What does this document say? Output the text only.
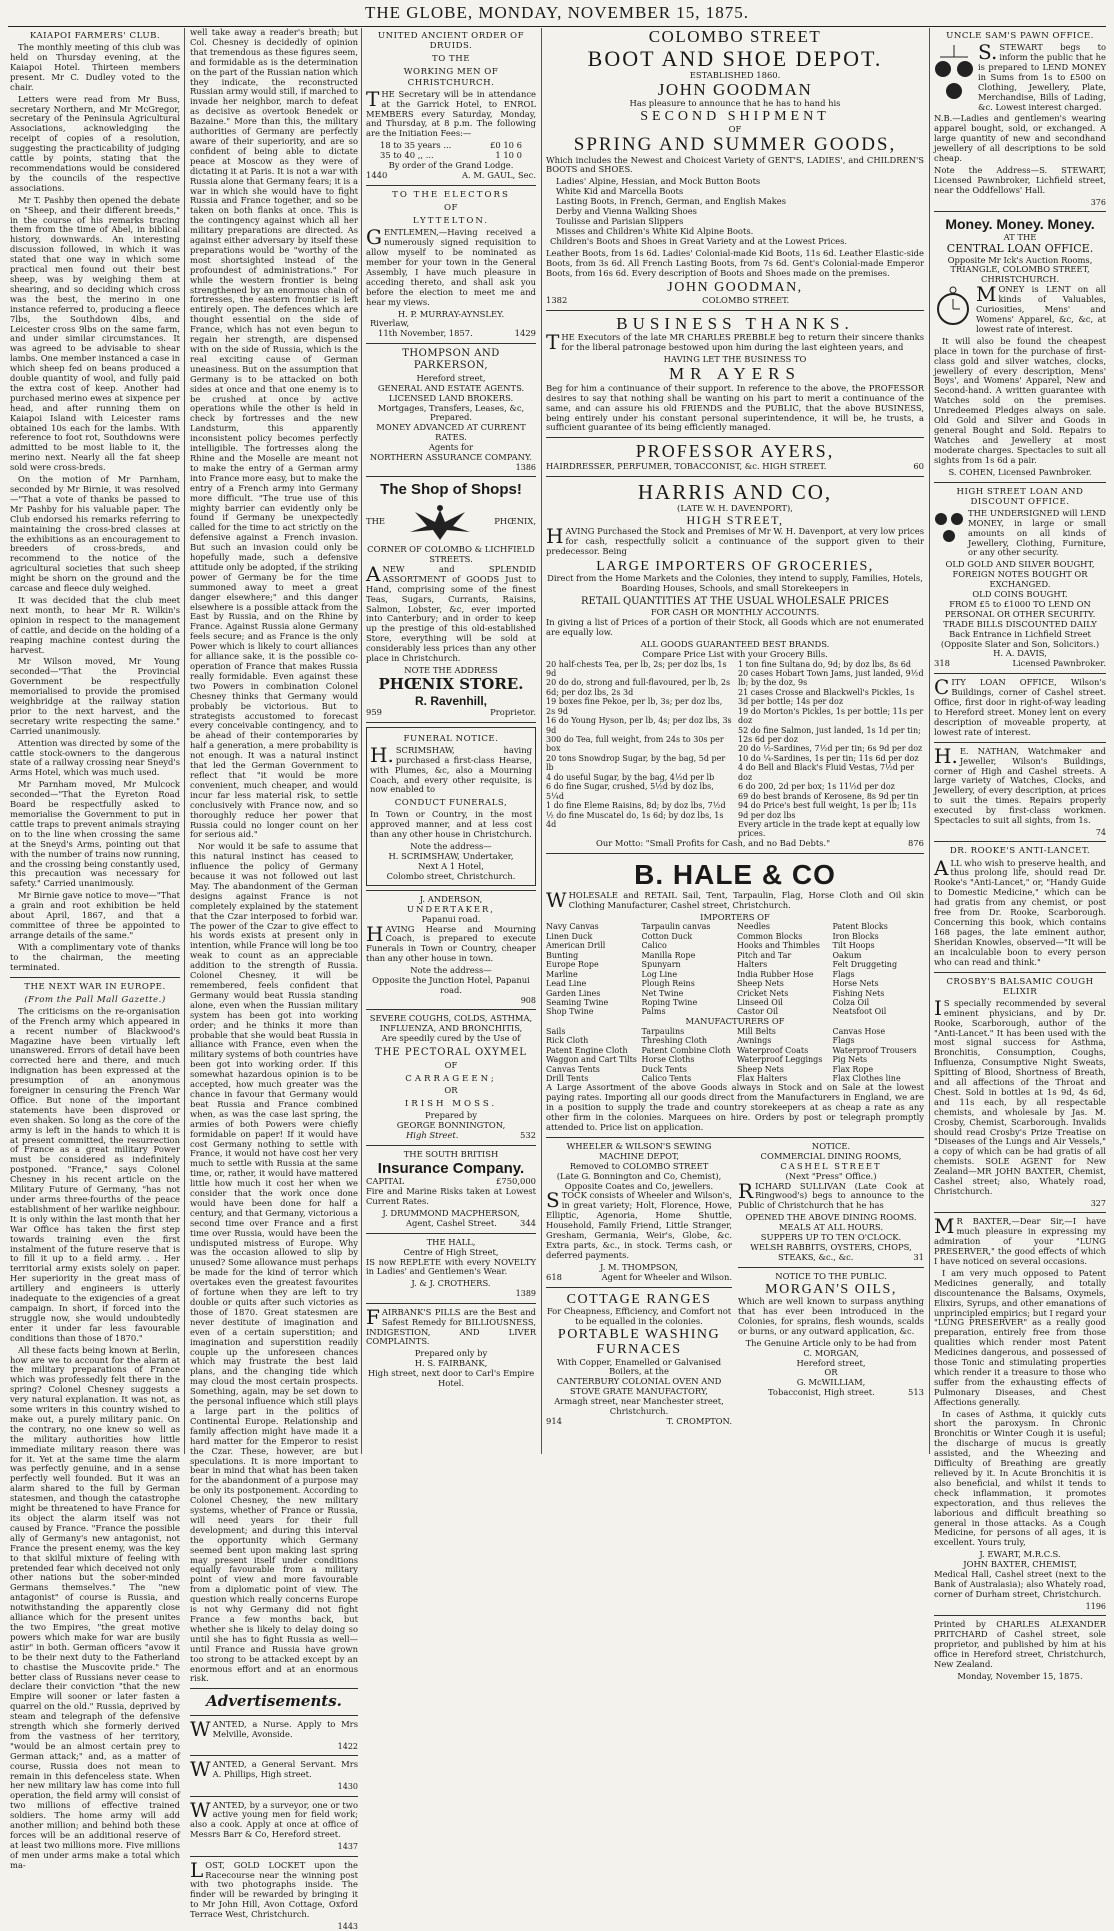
THE GLOBE, MONDAY, NOVEMBER 15, 1875.
KAIAPOI FARMERS' CLUB.

The monthly meeting of this club was held on Thursday evening, at the Kaiapoi Hotel. Thirteen members present. Mr C. Dudley voted to the chair.

Letters were read from Mr Buss, secretary Northern, and Mr McGregor, secretary of the Peninsula Agricultural Associations, acknowledging the receipt of copies of a resolution, suggesting the practicability of judging cattle by points, stating that the recommendations would be considered by the councils of the respective associations.

Mr T. Pashby then opened the debate on "Sheep, and their different breeds," in the course of his remarks tracing them from the time of Abel, in biblical history, downwards. An interesting discussion followed, in which it was stated that one way in which some practical men found out their best sheep, was by weighing them at shearing, and so deciding which cross was the best, the merino in one instance referred to, producing a fleece 7lbs, the Southdown 4lbs, and Leicester cross 9lbs on the same farm, and under similar circumstances. It was agreed to be advisable to shear lambs. One member instanced a case in which sheep fed on beans produced a double quantity of wool, and fully paid the extra cost of keep. Another had purchased merino ewes at sixpence per head, and after running them on Kaiapoi Island with Leicester rams obtained 10s each for the lambs. With reference to foot rot, Southdowns were admitted to be most liable to it, the merino next. Nearly all the fat sheep sold were cross-breds.

On the motion of Mr Parnham, seconded by Mr Birnie, it was resolved—"That a vote of thanks be passed to Mr Pashby for his valuable paper. The Club endorsed his remarks referring to maintaining the cross-bred classes at the exhibitions as an encouragement to breeders of cross-breds, and recommend to the notice of the agricultural societies that such sheep might be shorn on the ground and the carcase and fleece duly weighed.

It was decided that the club meet next month, to hear Mr R. Wilkin's opinion in respect to the management of cattle, and decide on the holding of a reaping machine contest during the harvest.

Mr Wilson moved, Mr Young seconded—"That the Provincial Government be respectfully memorialised to provide the promised weighbridge at the railway station prior to the next harvest, and the secretary write respecting the same." Carried unanimously.

Attention was directed by some of the cattle stock-owners to the dangerous state of a railway crossing near Sneyd's Arms Hotel, which was much used.

Mr Parnham moved, Mr Mulcock seconded—"That the Eyreton Road Board be respectfully asked to memorialise the Government to put in cattle traps to prevent animals straying on to the line when crossing the same at the Sneyd's Arms, pointing out that with the number of trains now running, and the crossing being constantly used, this precaution was necessary for safety." Carried unanimously.

Mr Birnie gave notice to move—"That a grain and root exhibition be held about April, 1867, and that a committee of three be appointed to arrange details of the same."

With a complimentary vote of thanks to the chairman, the meeting terminated.

THE NEXT WAR IN EUROPE.
(From the Pall Mall Gazette.)

The criticisms on the re-organisation of the French army which appeared in a recent number of Blackwood's Magazine have been virtually left unanswered. Errors of detail have been corrected here and there, and much indignation has been expressed at the presumption of an anonymous foreigner in censuring the French War Office. But none of the important statements have been disproved or even shaken. So long as the core of the army is left in the hands to which it is at present committed, the resurrection of France as a great military Power must be considered as indefinitely postponed. "France," says Colonel Chesney in his recent article on the Military Future of Germany, "has not under arms three-fourths of the peace establishment of her warlike neighbour. It is only within the last month that her War Office has taken the first step towards training even the first instalment of the future reserve that is to fill it up to a field army. . . Her territorial army exists solely on paper. Her superiority in the great mass of artillery and engineers is utterly inadequate to the exigencies of a great campaign. In short, if forced into the struggle now, she would undoubtedly enter it under far less favourable conditions than those of 1870."

All these facts being known at Berlin, how are we to account for the alarm at the military preparations of France which was professedly felt there in the spring? Colonel Chesney suggests a very natural explanation. It was not, as some writers in this country wished to make out, a purely military panic. On the contrary, no one knew so well as the military authorities how little immediate military reason there was for it. Yet at the same time the alarm was perfectly genuine, and in a sense perfectly well founded. But it was an alarm shared to the full by German statesmen, and though the catastrophe might be threatened to have France for its object the alarm itself was not caused by France. "France the possible ally of Germany's new antagonist, not France the present enemy, was the key to that skilful mixture of feeling with pretended fear which deceived not only other nations but the sober-minded Germans themselves." The "new antagonist" of course is Russia, and notwithstanding the apparently close alliance which for the present unites the two Empires, "the great motive powers which make for war are busily astir" in both. German officers "avow it to be their next duty to the Fatherland to chastise the Muscovite pride." The better class of Russians never cease to declare their conviction "that the new Empire will sooner or later fasten a quarrel on the old." Russia, deprived by steam and telegraph of the defensive strength which she formerly derived from the vastness of her territory, "would be an almost certain prey to German attack;" and, as a matter of course, Russia does not mean to remain in this defenceless state. When her new military law has come into full operation, the field army will consist of two millions of effective trained soldiers. The home army will add another million; and behind both these forces will be an additional reserve of at least two millions more. Five millions of men under arms make a total which ma-

well take away a reader's breath; but Col. Chesney is decidedly of opinion that tremendous as these figures seem, and formidable as is the determination on the part of the Russian nation which they indicate, the reconstructed Russian army would still, if marched to invade her neighbor, march to defeat as decisive as overtook Benedek or Bazaine." More than this, the military authorities of Germany are perfectly aware of their superiority, and are so confident of being able to dictate peace at Moscow as they were of dictating it at Paris. It is not a war with Russia alone that Germany fears; it is a war in which she would have to fight Russia and France together, and so be taken on both flanks at once. This is the contingency against which all her military preparations are directed. As against either adversary by itself these preparations would be "worthy of the most shortsighted instead of the profoundest of administrations." For while the western frontier is being strengthened by an enormous chain of fortresses, the eastern frontier is left entirely open. The defences which are thought essential on the side of France, which has not even begun to regain her strength, are dispensed with on the side of Russia, which is the real exciting cause of German uneasiness. But on the assumption that Germany is to be attacked on both sides at once and that one enemy is to be crushed at once by active operations while the other is held in check by fortresses and the new Landsturm, this apparently inconsistent policy becomes perfectly intelligible. The fortresses along the Rhine and the Moselle are meant not to make the entry of a German army into France more easy, but to make the entry of a French army into Germany more difficult. "The true use of this mighty barrier can evidently only be found if Germany be unexpectedly called for the time to act strictly on the defensive against a French invasion. But such an invasion could only be hopefully made, such a defensive attitude only be adopted, if the striking power of Germany be for the time summoned away to meet a great danger elsewhere;" and this danger elsewhere is a possible attack from the East by Russia, and on the Rhine by France. Against Russia alone Germany feels secure; and as France is the only Power which is likely to court alliances for alliance sake, it is the possible co-operation of France that makes Russia really formidable. Even against these two Powers in combination Colonel Chesney thinks that Germany would probably be victorious. But to strategists accustomed to forecast every conceivable contingency, and to be ahead of their contemporaries by half a generation, a mere probability is not enough. It was a natural instinct that led the German Government to reflect that "it would be more convenient, much cheaper, and would incur far less material risk, to settle conclusively with France now, and so thoroughly reduce her power that Russia could no longer count on her for serious aid."

Nor would it be safe to assume that this natural instinct has ceased to influence the policy of Germany because it was not followed out last May. The abandonment of the German designs against France is not completely explained by the statement that the Czar interposed to forbid war. The power of the Czar to give effect to his words exists at present only in intention, while France will long be too weak to count as an appreciable addition to the strength of Russia. Colonel Chesney, it will be remembered, feels confident that Germany would beat Russia standing alone, even when the Russian military system has been got into working order; and he thinks it more than probable that she would beat Russia in alliance with France, even when the military systems of both countries have been got into working order. If this somewhat hazardous opinion is to be accepted, how much greater was the chance in favour that Germany would beat Russia and France combined when, as was the case last spring, the armies of both Powers were chiefly formidable on paper! If it would have cost Germany nothing to settle with France, it would not have cost her very much to settle with Russia at the same time, or, rather, it would have mattered little how much it cost her when we consider that the work once done would have been done for half a century, and that Germany, victorious a second time over France and a first time over Russia, would have been the undisputed mistress of Europe. Why was the occasion allowed to slip by unused? Some allowance must perhaps be made for the kind of terror which overtakes even the greatest favourites of fortune when they are left to try double or quits after such victories as those of 1870. Great statesmen are never destitute of imagination and even of a certain superstition; and imagination and superstition readily couple up the unforeseen chances which may frustrate the best laid plans, and the changing tide which may cloud the most certain prospects. Something, again, may be set down to the personal influence which still plays a large part in the politics of Continental Europe. Relationship and family affection might have made it a hard matter for the Emperor to resist the Czar. These, however, are but speculations. It is more important to bear in mind that what has been taken for the abandonment of a purpose may be only its postponement. According to Colonel Chesney, the new military systems, whether of France or Russia, will need years for their full development; and during this interval the opportunity which Germany seemed bent upon making last spring may present itself under conditions equally favourable from a military point of view and more favourable from a diplomatic point of view. The question which really concerns Europe is not why Germany did not fight France a few months back, but whether she is likely to delay doing so until she has to fight Russia as well—until France and Russia have grown too strong to be attacked except by an enormous effort and at an enormous risk.

Advertisements.

WANTED, a Nurse. Apply to Mrs Melville, Avonside.

1422

WANTED, a General Servant. Mrs A. Phillips, High street.

1430

WANTED, by a surveyor, one or two active young men for field work; also a cook. Apply at once at office of Messrs Barr & Co, Hereford street.

1437

LOST, GOLD LOCKET upon the Racecourse near the winning post with two photographs inside. The finder will be rewarded by bringing it to Mr John Hill, Avon Cottage, Oxford Terrace West, Christchurch.

1443
UNITED ANCIENT ORDER OF DRUIDS.
TO THE
WORKING MEN OF CHRISTCHURCH.

THE Secretary will be in attendance at the Garrick Hotel, to ENROL MEMBERS every Saturday, Monday, and Thursday, at 8 p.m. The following are the Initiation Fees:—

18 to 35 years ...	£0 10 6
35 to 40 ,, ...	1 10 0
By order of the Grand Lodge.
1440	A. M. GAUL, Sec.
TO THE ELECTORS
OF
LYTTELTON.

GENTLEMEN,—Having received a numerously signed requisition to allow myself to be nominated as member for your town in the General Assembly, I have much pleasure in acceding thereto, and shall ask you before the election to meet me and hear my views.

H. P. MURRAY-AYNSLEY.
Riverlaw,
11th November, 1857.	1429
THOMPSON AND PARKERSON,
Hereford street,
GENERAL AND ESTATE AGENTS.
LICENSED LAND BROKERS.
Mortgages, Transfers, Leases, &c, Prepared.
MONEY ADVANCED AT CURRENT RATES.
Agents for
NORTHERN ASSURANCE COMPANY.
1386
The Shop of Shops!
THE	PHŒNIX,
CORNER OF COLOMBO & LICHFIELD STREETS.

ANEW and SPLENDID ASSORTMENT of GOODS Just to Hand, comprising some of the finest Teas, Sugars, Currants, Raisins, Salmon, Lobster, &c, ever imported into Canterbury; and in order to keep up the prestige of this old-established Store, everything will be sold at considerably less prices than any other place in Christchurch.

NOTE THE ADDRESS
PHŒNIX STORE.
R. Ravenhill,
959	Proprietor.
FUNERAL NOTICE.

H.SCRIMSHAW, having purchased a first-class Hearse, with Plumes, &c, also a Mourning Coach, and every other requisite, is now enabled to

CONDUCT FUNERALS,

In Town or Country, in the most approved manner, and at less cost than any other house in Christchurch.

Note the address—
H. SCRIMSHAW, Undertaker,
Next A 1 Hotel,
Colombo street, Christchurch.
J. ANDERSON,
UNDERTAKER,
Papanui road.

HAVING Hearse and Mourning Coach, is prepared to execute Funerals in Town or Country, cheaper than any other house in town.

Note the address—
Opposite the Junction Hotel, Papanui road.
908
SEVERE COUGHS, COLDS, ASTHMA, INFLUENZA, AND BRONCHITIS,
Are speedily cured by the Use of
THE PECTORAL OXYMEL
OF
CARRAGEEN;
OR
IRISH MOSS.
Prepared by
GEORGE BONNINGTON,
High Street.	532
THE SOUTH BRITISH
Insurance Company.
CAPITAL	£750,000

Fire and Marine Risks taken at Lowest Current Rates.

J. DRUMMOND MACPHERSON,
Agent, Cashel Street.	344
THE HALL,
Centre of High Street,

IS now REPLETE with every NOVELTY in Ladies' and Gentlemen's Wear.

J. & J. CROTHERS.
1389

FAIRBANK'S PILLS are the Best and Safest Remedy for BILLIOUSNESS, INDIGESTION, AND LIVER COMPLAINTS.

Prepared only by
H. S. FAIRBANK,
High street, next door to Carl's Empire Hotel.
COLOMBO STREET
BOOT AND SHOE DEPOT.
ESTABLISHED 1860.
JOHN GOODMAN
Has pleasure to announce that he has to hand his
SECOND SHIPMENT
OF
SPRING AND SUMMER GOODS,

Which includes the Newest and Choicest Variety of GENT'S, LADIES', and CHILDREN'S BOOTS and SHOES.

Ladies' Alpine, Hessian, and Mock Button Boots
White Kid and Marcella Boots
Lasting Boots, in French, German, and English Makes
Derby and Vienna Walking Shoes
Toulisse and Parisian Slippers
Misses and Children's White Kid Alpine Boots.
Children's Boots and Shoes in Great Variety and at the Lowest Prices.

Leather Boots, from 1s 6d. Ladies' Colonial-made Kid Boots, 11s 6d. Leather Elastic-side Boots, from 3s 6d. All French Lasting Boots, from 7s 6d. Gent's Colonial-made Emperor Boots, from 16s 6d. Every description of Boots and Shoes made on the premises.

JOHN GOODMAN,
1382	COLOMBO STREET.
BUSINESS THANKS.

THE Executors of the late MR CHARLES PREBBLE beg to return their sincere thanks for the liberal patronage bestowed upon him during the last eighteen years, and

HAVING LET THE BUSINESS TO
MR AYERS

Beg for him a continuance of their support. In reference to the above, the PROFESSOR desires to say that nothing shall be wanting on his part to merit a continuance of the same, and can assure his old FRIENDS and the PUBLIC, that the above BUSINESS, being entirely under his constant personal superintendence, it will be, he trusts, a sufficient guarantee of its being efficiently managed.

PROFESSOR AYERS,
HAIRDRESSER, PERFUMER, TOBACCONIST, &c. HIGH STREET.	60
HARRIS AND CO,
(LATE W. H. DAVENPORT),
HIGH STREET,

HAVING Purchased the Stock and Premises of Mr W. H. Davenport, at very low prices for cash, respectfully solicit a continuance of the support given to their predecessor. Being

LARGE IMPORTERS OF GROCERIES,

Direct from the Home Markets and the Colonies, they intend to supply, Families, Hotels, Boarding Houses, Schools, and small Storekeepers in

RETAIL QUANTITIES AT THE USUAL WHOLESALE PRICES
FOR CASH OR MONTHLY ACCOUNTS.

In giving a list of Prices of a portion of their Stock, all Goods which are not enumerated are equally low.

ALL GOODS GUARANTEED BEST BRANDS.
Compare Price List with your Grocery Bills.
20 half-chests Tea, per lb, 2s; per doz lbs, 1s 9d
20 do do, strong and full-flavoured, per lb, 2s 6d; per doz lbs, 2s 3d
19 boxes fine Pekoe, per lb, 3s; per doz lbs, 2s 9d
16 do Young Hyson, per lb, 4s; per doz lbs, 3s 9d
300 do Tea, full weight, from 24s to 30s per box
20 tons Snowdrop Sugar, by the bag, 5d per lb
4 do useful Sugar, by the bag, 4½d per lb
6 do fine Sugar, crushed, 5½d by doz lbs, 5¼d
1 do fine Eleme Raisins, 8d; by doz lbs, 7½d
½ do fine Muscatel do, 1s 6d; by doz lbs, 1s 4d
1 ton fine Sultana do, 9d; by doz lbs, 8s 6d
20 cases Hobart Town Jams, just landed, 9½d lb; by the doz, 9s
21 cases Crosse and Blackwell's Pickles, 1s 3d per bottle; 14s per doz
19 do Morton's Pickles, 1s per bottle; 11s per doz
52 do fine Salmon, just landed, 1s 1d per tin; 12s 6d per doz
20 do ½-Sardines, 7½d per tin; 6s 9d per doz
10 do ¼-Sardines, 1s per tin; 11s 6d per doz
4 do Bell and Black's Fluid Vestas, 7½d per doz
6 do 200, 2d per box; 1s 11½d per doz
69 do best brands of Kerosene, 8s 9d per tin
94 do Price's best full weight, 1s per lb; 11s 9d per doz lbs
Every article in the trade kept at equally low prices.
Our Motto: "Small Profits for Cash, and no Bad Debts."	876
B. HALE & CO

WHOLESALE and RETAIL Sail, Tent, Tarpaulin, Flag, Horse Cloth and Oil skin Clothing Manufacturer, Cashel street, Christchurch.

IMPORTERS OF
Navy Canvas	Tarpaulin canvas	Needles	Patent Blocks
Linen Duck	Cotton Duck	Common Blocks	Iron Blocks
American Drill	Calico	Hooks and Thimbles	Tilt Hoops
Bunting	Manilla Rope	Pitch and Tar	Oakum
Europe Rope	Spunyarn	Halters	Felt Druggeting
Marline	Log Line	India Rubber Hose	Flags
Lead Line	Plough Reins	Sheep Nets	Horse Nets
Garden Lines	Net Twine	Cricket Nets	Fishing Nets
Seaming Twine	Roping Twine	Linseed Oil	Colza Oil
Shop Twine	Palms	Castor Oil	Neatsfoot Oil
MANUFACTURERS OF
Sails	Tarpaulins	Mill Belts	Canvas Hose
Rick Cloth	Threshing Cloth	Awnings	Flags
Patent Engine Cloth	Patent Combine Cloth Waterproof Coats	Waterproof Trousers
Waggon and Cart Tilts Horse Cloths	Waterproof Leggings	Pig Nets
Canvas Tents	Duck Tents	Sheep Nets	Flax Rope
Drill Tents	Calico Tents	Flax Halters	Flax Clothes line

A Large Assortment of the above Goods always in Stock and on Sale at the lowest paying rates. Importing all our goods direct from the Manufacturers in England, we are in a position to supply the trade and country storekeepers at as cheap a rate as any other firm in the colonies. Marquees on hire. Orders by post or telegraph promptly attended to. Price list on application.

WHEELER & WILSON'S SEWING MACHINE DEPOT,
Removed to COLOMBO STREET
(Late G. Bonnington and Co, Chemist),
Opposite Coates and Co, jewellers.

STOCK consists of Wheeler and Wilson's, in great variety; Holt, Florence, Howe, Elliptic, Agenoria, Home Shuttle, Household, Family Friend, Little Stranger, Gresham, Germania, Weir's, Globe, &c. Extra parts, &c., in stock. Terms cash, or deferred payments.

J. M. THOMPSON,
618	Agent for Wheeler and Wilson.
COTTAGE RANGES
For Cheapness, Efficiency, and Comfort not to be equalled in the colonies.
PORTABLE WASHING
FURNACES
With Copper, Enamelled or Galvanised Boilers, at the
CANTERBURY COLONIAL OVEN AND STOVE GRATE MANUFACTORY,
Armagh street, near Manchester street, Christchurch.
914	T. CROMPTON.
NOTICE.
COMMERCIAL DINING ROOMS,
CASHEL STREET
(Next "Press" Office.)

RICHARD SULLIVAN (Late Cook at Ringwood's) begs to announce to the Public of Christchurch that he has

OPENED THE ABOVE DINING ROOMS.
MEALS AT ALL HOURS.
SUPPERS UP TO TEN O'CLOCK.
WELSH RABBITS, OYSTERS, CHOPS,
STEAKS, &c., &c.	31
NOTICE TO THE PUBLIC.
MORGAN'S OILS,

Which are well known to surpass anything that has ever been introduced in the Colonies, for sprains, flesh wounds, scalds or burns, or any outward application, &c.

The Genuine Article only to be had from
C. MORGAN,
Hereford street,
OR
G. McWILLIAM,
Tobacconist, High street.	513
UNCLE SAM'S PAWN OFFICE.

S.STEWART begs to inform the public that he is prepared to LEND MONEY in Sums from 1s to £500 on Clothing, Jewellery, Plate, Merchandise, Bills of Lading, &c. Lowest interest charged.

N.B.—Ladies and gentlemen's wearing apparel bought, sold, or exchanged. A large quantity of new and secondhand jewellery of all descriptions to be sold cheap.

Note the Address—S. STEWART, Licensed Pawnbroker, Lichfield street, near the Oddfellows' Hall.

376
Money. Money. Money.
AT THE
CENTRAL LOAN OFFICE.
Opposite Mr Ick's Auction Rooms,
TRIANGLE, COLOMBO STREET,
CHRISTCHURCH.

MONEY is LENT on all kinds of Valuables, Curiosities, Mens' and Womens' Apparel, &c, &c, at lowest rate of interest.

It will also be found the cheapest place in town for the purchase of first-class gold and silver watches, clocks, jewellery of every description, Mens' Boys', and Womens' Apparel, New and Second-hand. A written guarantee with Watches sold on the premises. Unredeemed Pledges always on sale. Old Gold and Silver and Goods in general Bought and Sold. Repairs to Watches and Jewellery at most moderate charges. Spectacles to suit all sights from 1s 6d a pair.

S. COHEN, Licensed Pawnbroker.
HIGH STREET LOAN AND DISCOUNT OFFICE.

THE UNDERSIGNED will LEND MONEY, in large or small amounts on all kinds of Jewellery, Clothing, Furniture, or any other security.

OLD GOLD AND SILVER BOUGHT, FOREIGN NOTES BOUGHT OR EXCHANGED.
OLD COINS BOUGHT.
FROM £5 to £1000 TO LEND ON PERSONAL OR OTHER SECURITY.
TRADE BILLS DISCOUNTED DAILY
Back Entrance in Lichfield Street
(Opposite Slater and Son, Solicitors.)
H. A. DAVIS,
318	Licensed Pawnbroker.

CITY LOAN OFFICE, Wilson's Buildings, corner of Cashel street. Office, first door in right-of-way leading to Hereford street. Money lent on every description of moveable property, at lowest rate of interest.

H.E. NATHAN, Watchmaker and Jeweller, Wilson's Buildings, corner of High and Cashel streets. A large variety of Watches, Clocks, and Jewellery, of every description, at prices to suit the times. Repairs properly executed by first-class workmen. Spectacles to suit all sights, from 1s.

74
DR. ROOKE'S ANTI-LANCET.

ALL who wish to preserve health, and thus prolong life, should read Dr. Rooke's "Anti-Lancet," or, "Handy Guide to Domestic Medicine," which can be had gratis from any chemist, or post free from Dr. Rooke, Scarborough. Concerning this book, which contains 168 pages, the late eminent author, Sheridan Knowles, observed—"It will be an incalculable boon to every person who can read and think."

CROSBY'S BALSAMIC COUGH ELIXIR

IS specially recommended by several eminent physicians, and by Dr. Rooke, Scarborough, author of the "Anti-Lancet." It has been used with the most signal success for Asthma, Bronchitis, Consumption, Coughs, Influenza, Consumptive Night Sweats, Spitting of Blood, Shortness of Breath, and all affections of the Throat and Chest. Sold in bottles at 1s 9d, 4s 6d, and 11s each, by all respectable chemists, and wholesale by Jas. M. Crosby, Chemist, Scarborough. Invalids should read Crosby's Prize Treatise on "Diseases of the Lungs and Air Vessels," a copy of which can be had gratis of all chemists. SOLE AGENT for New Zealand—MR JOHN BAXTER, Chemist, Cashel street; also, Whately road, Christchurch.

327

MR BAXTER,—Dear Sir,—I have much pleasure in expressing my admiration of your "LUNG PRESERVER," the good effects of which I have noticed on several occasions.

I am very much opposed to Patent Medicines generally, and totally discountenance the Balsams, Oxymels, Elixirs, Syrups, and other emanations of unprincipled empirics; but I regard your "LUNG PRESERVER" as a really good preparation, entirely free from those qualities which render most Patent Medicines dangerous, and possessed of those Tonic and stimulating properties which render it a treasure to those who suffer from the exhausting effects of Pulmonary Diseases, and Chest Affections generally.

In cases of Asthma, it quickly cuts short the paroxysm. In Chronic Bronchitis or Winter Cough it is useful; the discharge of mucus is greatly assisted, and the Wheezing and Difficulty of Breathing are greatly relieved by it. In Acute Bronchitis it is also beneficial, and whilst it tends to check inflammation, it promotes expectoration, and thus relieves the laborious and difficult breathing so general in those attacks. As a Cough Medicine, for persons of all ages, it is excellent. Yours truly,

J. EWART, M.R.C.S.
JOHN BAXTER, CHEMIST,

Medical Hall, Cashel street (next to the Bank of Australasia); also Whately road, corner of Durham street, Christchurch.

1196

Printed by CHARLES ALEXANDER PRITCHARD of Cashel street, sole proprietor, and published by him at his office in Hereford street, Christchurch, New Zealand.

Monday, November 15, 1875.
